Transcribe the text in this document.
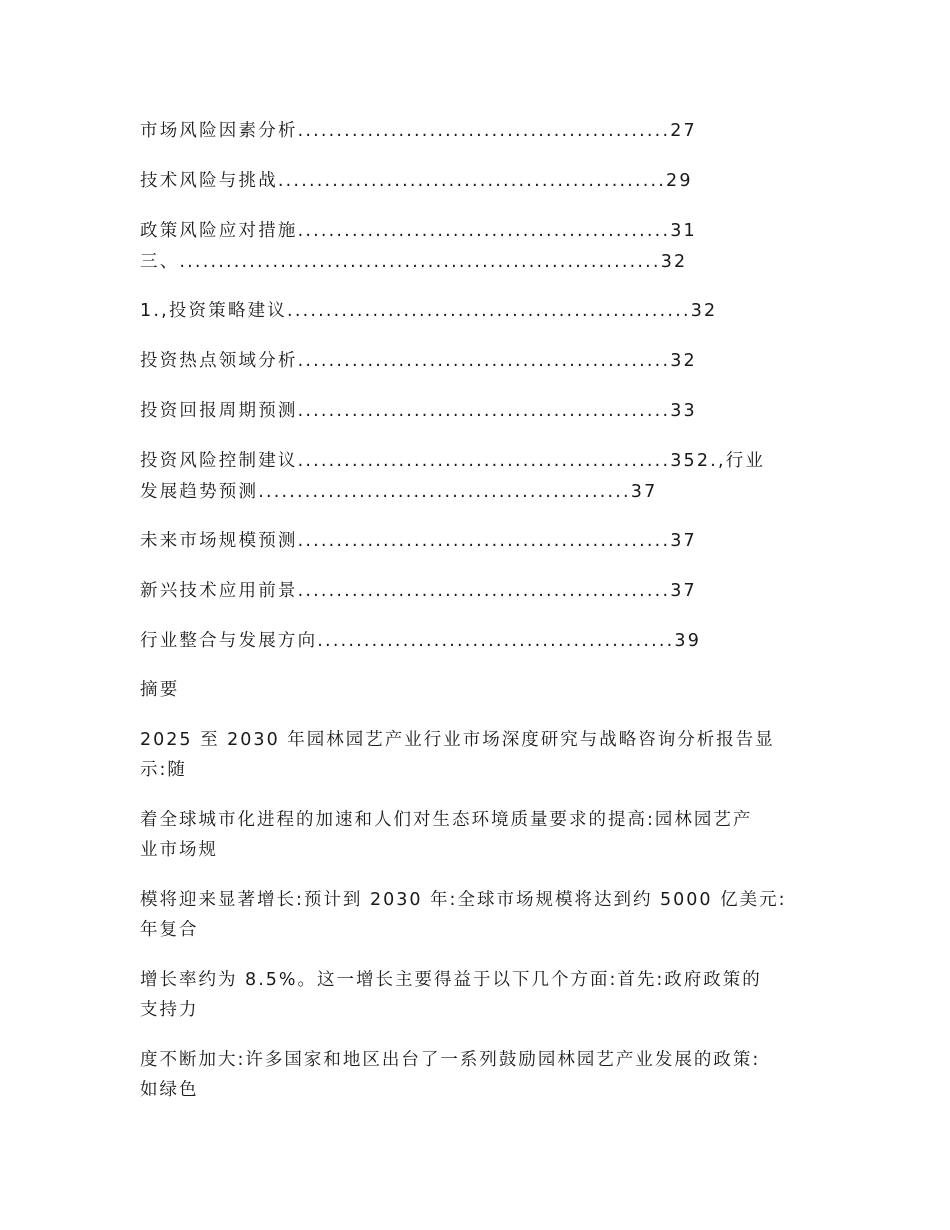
市场风险因素分析................................................27
技术风险与挑战..................................................29
政策风险应对措施................................................31
三、..............................................................32
1.,投资策略建议....................................................32
投资热点领域分析................................................32
投资回报周期预测................................................33
投资风险控制建议................................................352.,行业
发展趋势预测................................................37
未来市场规模预测................................................37
新兴技术应用前景................................................37
行业整合与发展方向..............................................39
摘要
2025 至 2030 年园林园艺产业行业市场深度研究与战略咨询分析报告显
示:随
着全球城市化进程的加速和人们对生态环境质量要求的提高:园林园艺产
业市场规
模将迎来显著增长:预计到 2030 年:全球市场规模将达到约 5000 亿美元:
年复合
增长率约为 8.5%。这一增长主要得益于以下几个方面:首先:政府政策的
支持力
度不断加大:许多国家和地区出台了一系列鼓励园林园艺产业发展的政策:
如绿色
